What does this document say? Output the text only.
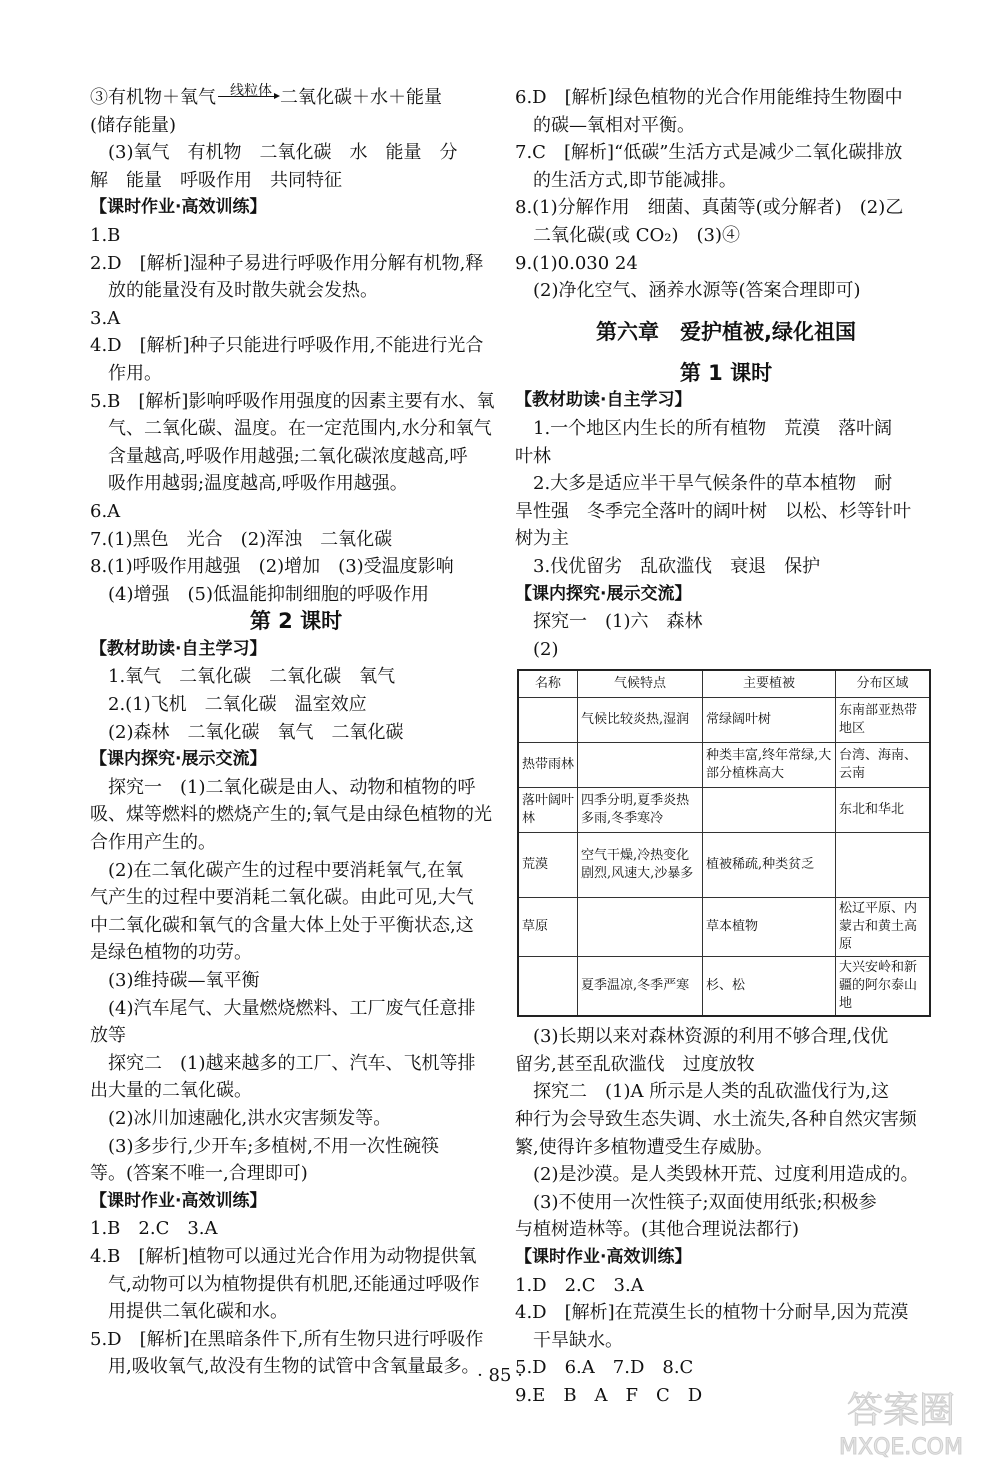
③有机物＋氧气	二氧化碳＋水＋能量
线粒体
(储存能量)
　(3)氧气　有机物　二氧化碳　水　能量　分
解　能量　呼吸作用　共同特征
【课时作业·高效训练】
1.B
2.D　[解析]湿种子易进行呼吸作用分解有机物,释
　放的能量没有及时散失就会发热。
3.A
4.D　[解析]种子只能进行呼吸作用,不能进行光合
　作用。
5.B　[解析]影响呼吸作用强度的因素主要有水、氧
　气、二氧化碳、温度。在一定范围内,水分和氧气
　含量越高,呼吸作用越强;二氧化碳浓度越高,呼
　吸作用越弱;温度越高,呼吸作用越强。
6.A
7.(1)黑色　光合　(2)浑浊　二氧化碳
8.(1)呼吸作用越强　(2)增加　(3)受温度影响
　(4)增强　(5)低温能抑制细胞的呼吸作用
第 2 课时
【教材助读·自主学习】
　1.氧气　二氧化碳　二氧化碳　氧气
　2.(1)飞机　二氧化碳　温室效应
　(2)森林　二氧化碳　氧气　二氧化碳
【课内探究·展示交流】
　探究一　(1)二氧化碳是由人、动物和植物的呼
吸、煤等燃料的燃烧产生的;氧气是由绿色植物的光
合作用产生的。
　(2)在二氧化碳产生的过程中要消耗氧气,在氧
气产生的过程中要消耗二氧化碳。由此可见,大气
中二氧化碳和氧气的含量大体上处于平衡状态,这
是绿色植物的功劳。
　(3)维持碳—氧平衡
　(4)汽车尾气、大量燃烧燃料、工厂废气任意排
放等
　探究二　(1)越来越多的工厂、汽车、飞机等排
出大量的二氧化碳。
　(2)冰川加速融化,洪水灾害频发等。
　(3)多步行,少开车;多植树,不用一次性碗筷
等。(答案不唯一,合理即可)
【课时作业·高效训练】
1.B　2.C　3.A
4.B　[解析]植物可以通过光合作用为动物提供氧
　气,动物可以为植物提供有机肥,还能通过呼吸作
　用提供二氧化碳和水。
5.D　[解析]在黑暗条件下,所有生物只进行呼吸作
　用,吸收氧气,故没有生物的试管中含氧量最多。
6.D　[解析]绿色植物的光合作用能维持生物圈中
　的碳—氧相对平衡。
7.C　[解析]“低碳”生活方式是减少二氧化碳排放
　的生活方式,即节能减排。
8.(1)分解作用　细菌、真菌等(或分解者)　(2)乙
　二氧化碳(或 CO₂)　(3)④
9.(1)0.030 24
　(2)净化空气、涵养水源等(答案合理即可)
第六章　爱护植被,绿化祖国
第 1 课时
【教材助读·自主学习】
　1.一个地区内生长的所有植物　荒漠　落叶阔
叶林
　2.大多是适应半干旱气候条件的草本植物　耐
旱性强　冬季完全落叶的阔叶树　以松、杉等针叶
树为主
　3.伐优留劣　乱砍滥伐　衰退　保护
【课内探究·展示交流】
　探究一　(1)六　森林
　(2)
名称	气候特点	主要植被	分布区域
	气候比较炎热,湿润	常绿阔叶树	东南部亚热带地区
热带雨林		种类丰富,终年常绿,大部分植株高大	台湾、海南、云南
落叶阔叶林	四季分明,夏季炎热多雨,冬季寒冷		东北和华北
荒漠	空气干燥,冷热变化剧烈,风速大,沙暴多	植被稀疏,种类贫乏	
草原		草本植物	松辽平原、内蒙古和黄土高原
	夏季温凉,冬季严寒	杉、松	大兴安岭和新疆的阿尔泰山地
　(3)长期以来对森林资源的利用不够合理,伐优
留劣,甚至乱砍滥伐　过度放牧
　探究二　(1)A 所示是人类的乱砍滥伐行为,这
种行为会导致生态失调、水土流失,各种自然灾害频
繁,使得许多植物遭受生存威胁。
　(2)是沙漠。是人类毁林开荒、过度利用造成的。
　(3)不使用一次性筷子;双面使用纸张;积极参
与植树造林等。(其他合理说法都行)
【课时作业·高效训练】
1.D　2.C　3.A
4.D　[解析]在荒漠生长的植物十分耐旱,因为荒漠
　干旱缺水。
5.D　6.A　7.D　8.C
9.E　B　A　F　C　D
· 85 ·
答案圈
MXQE.COM
